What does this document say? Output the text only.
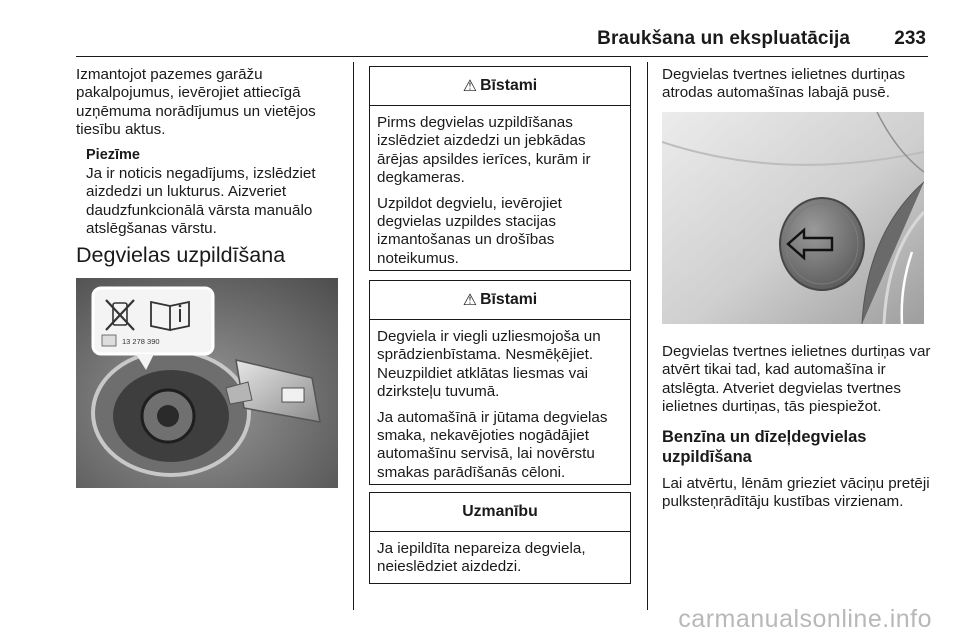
Braukšana un ekspluatācija 233

Izmantojot pazemes garāžu pakalpojumus, ievērojiet attiecīgā uzņēmuma norādījumus un vietējos tiesību aktus.

Piezīme

Ja ir noticis negadījums, izslēdziet aizdedzi un lukturus. Aizveriet daudzfunkcionālā vārsta manuālo atslēgšanas vārstu.

Degvielas uzpildīšana
13 278 390
⚠ Bīstami

Pirms degvielas uzpildīšanas izslēdziet aizdedzi un jebkādas ārējas apsildes ierīces, kurām ir degkameras.

Uzpildot degvielu, ievērojiet degvielas uzpildes stacijas izmantošanas un drošības noteikumus.

⚠ Bīstami

Degviela ir viegli uzliesmojoša un sprādzienbīstama. Nesmēķējiet. Neuzpildiet atklātas liesmas vai dzirksteļu tuvumā.

Ja automašīnā ir jūtama degvielas smaka, nekavējoties nogādājiet automašīnu servisā, lai novērstu smakas parādīšanās cēloni.

Uzmanību

Ja iepildīta nepareiza degviela, neieslēdziet aizdedzi.

Degvielas tvertnes ielietnes durtiņas atrodas automašīnas labajā pusē.

Degvielas tvertnes ielietnes durtiņas var atvērt tikai tad, kad automašīna ir atslēgta. Atveriet degvielas tvertnes ielietnes durtiņas, tās piespiežot.

Benzīna un dīzeļdegvielas uzpildīšana

Lai atvērtu, lēnām grieziet vāciņu pretēji pulksteņrādītāju kustības virzienam.

carmanualsonline.info
